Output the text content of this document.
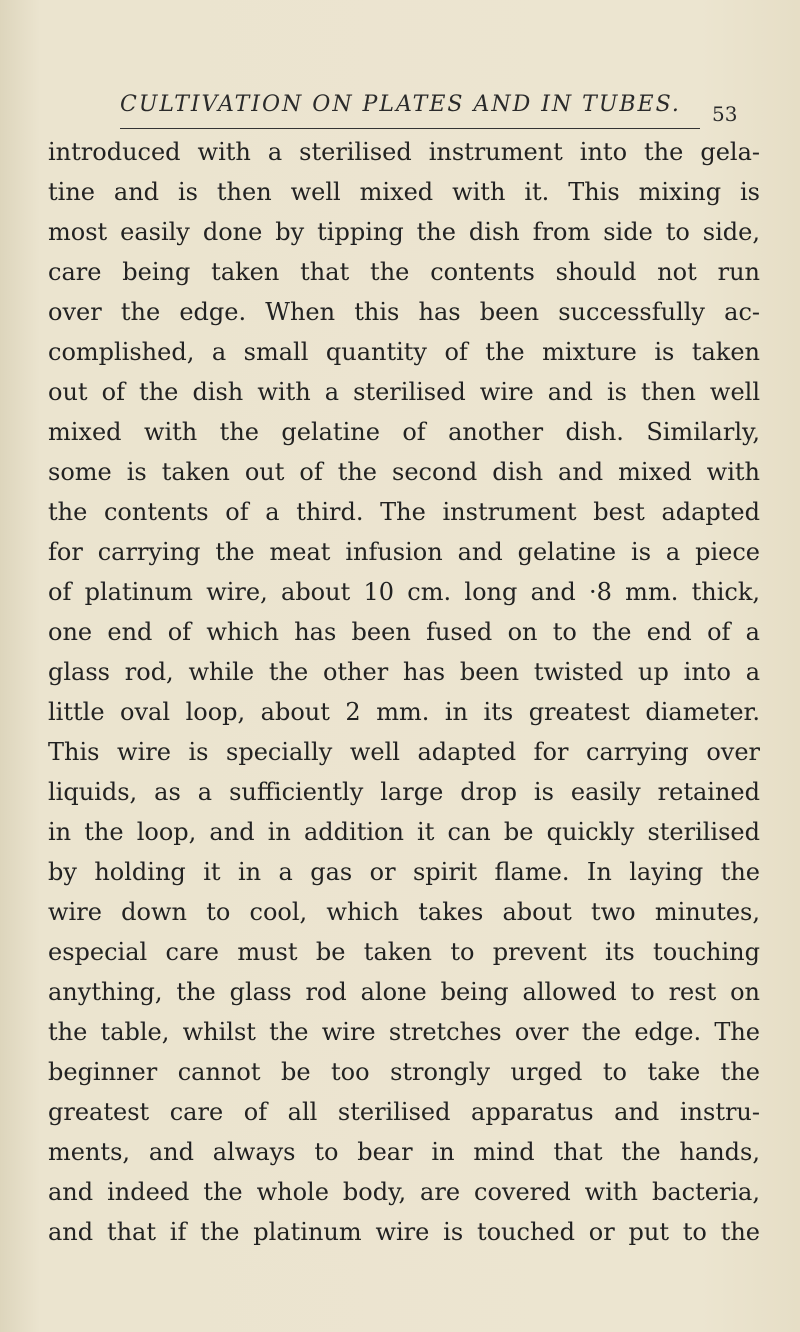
CULTIVATION ON PLATES AND IN TUBES. 53
introduced with a sterilised instrument into the gela-
tine and is then well mixed with it. This mixing is
most easily done by tipping the dish from side to side,
care being taken that the contents should not run
over the edge. When this has been successfully ac-
complished, a small quantity of the mixture is taken
out of the dish with a sterilised wire and is then well
mixed with the gelatine of another dish. Similarly,
some is taken out of the second dish and mixed with
the contents of a third. The instrument best adapted
for carrying the meat infusion and gelatine is a piece
of platinum wire, about 10 cm. long and ·8 mm. thick,
one end of which has been fused on to the end of a
glass rod, while the other has been twisted up into a
little oval loop, about 2 mm. in its greatest diameter.
This wire is specially well adapted for carrying over
liquids, as a sufficiently large drop is easily retained
in the loop, and in addition it can be quickly sterilised
by holding it in a gas or spirit flame. In laying the
wire down to cool, which takes about two minutes,
especial care must be taken to prevent its touching
anything, the glass rod alone being allowed to rest on
the table, whilst the wire stretches over the edge. The
beginner cannot be too strongly urged to take the
greatest care of all sterilised apparatus and instru-
ments, and always to bear in mind that the hands,
and indeed the whole body, are covered with bacteria,
and that if the platinum wire is touched or put to the
